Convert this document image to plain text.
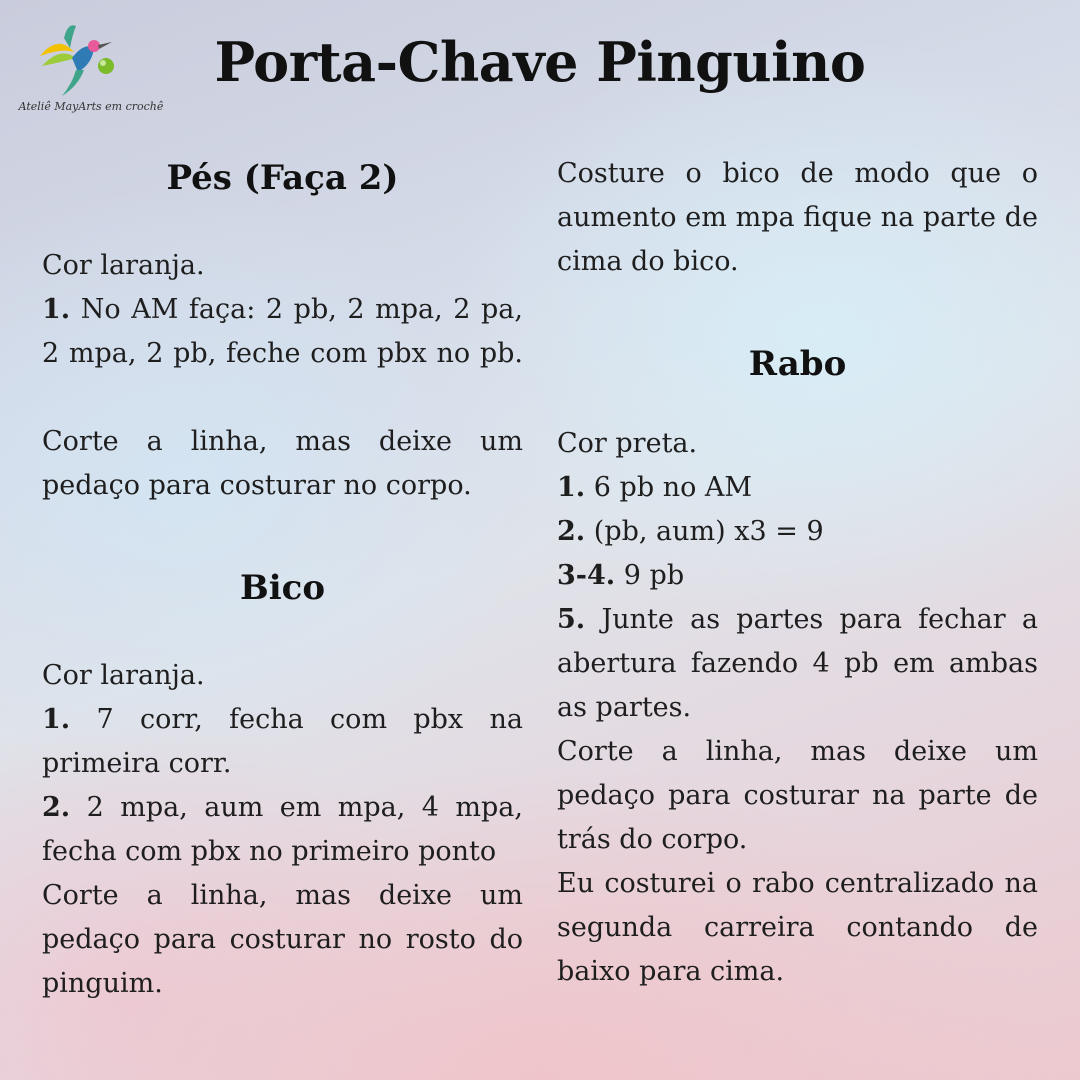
Ateliê MayArts em crochê
Porta-Chave Pinguino
Pés (Faça 2)

Cor laranja.

1. No AM faça: 2 pb, 2 mpa, 2 pa, 2 mpa, 2 pb, feche com pbx no pb.

Corte a linha, mas deixe um pedaço para costurar no corpo.

Bico

Cor laranja.

1. 7 corr, fecha com pbx na primeira corr.

2. 2 mpa, aum em mpa, 4 mpa, fecha com pbx no primeiro ponto

Corte a linha, mas deixe um pedaço para costurar no rosto do pinguim.

Costure o bico de modo que o aumento em mpa fique na parte de cima do bico.

Rabo

Cor preta.

1. 6 pb no AM

2. (pb, aum) x3 = 9

3-4. 9 pb

5. Junte as partes para fechar a abertura fazendo 4 pb em ambas as partes.

Corte a linha, mas deixe um pedaço para costurar na parte de trás do corpo.

Eu costurei o rabo centralizado na segunda carreira contando de baixo para cima.
